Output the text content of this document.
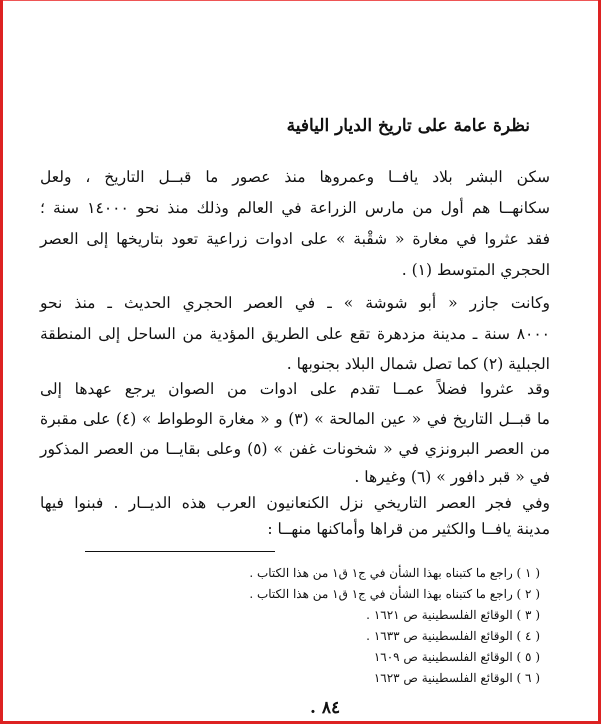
نظرة عامة على تاريخ الديار اليافية
سكن البشر بلاد يافــا وعمروها منذ عصور ما قبــل التاريخ ، ولعل
سكانهــا هم أول من مارس الزراعة في العالم وذلك منذ نحو ١٤٠٠٠ سنة ؛
فقد عثروا في مغارة « شقْبة » على ادوات زراعية تعود بتاريخها إلى العصر
الحجري المتوسط (١) .
وكانت جازر « أبو شوشة » ـ في العصر الحجري الحديث ـ منذ نحو
٨٠٠٠ سنة ـ مدينة مزدهرة تقع على الطريق المؤدية من الساحل إلى المنطقة
الجبلية (٢) كما تصل شمال البلاد بجنوبها .
وقد عثروا فضلاً عمــا تقدم على ادوات من الصوان يرجع عهدها إلى
ما قبــل التاريخ في « عين المالحة » (٣) و « مغارة الوطواط » (٤) على مقبرة
من العصر البرونزي في « شخونات غفن » (٥) وعلى بقايــا من العصر المذكور
في « قبر دافور » (٦) وغيرها .
وفي فجر العصر التاريخي نزل الكنعانيون العرب هذه الديــار . فبنوا فيها
مدينة يافــا والكثير من قراها وأماكنها منهــا :
( ١ ) راجع ما كتبناه بهذا الشأن في ج١ ق١ من هذا الكتاب .
( ٢ ) راجع ما كتبناه بهذا الشأن في ج١ ق١ من هذا الكتاب .
( ٣ ) الوقائع الفلسطينية ص ١٦٢١ .
( ٤ ) الوقائع الفلسطينية ص ١٦٣٣ .
( ٥ ) الوقائع الفلسطينية ص ١٦٠٩
( ٦ ) الوقائع الفلسطينية ص ١٦٢٣
٨٤ .
